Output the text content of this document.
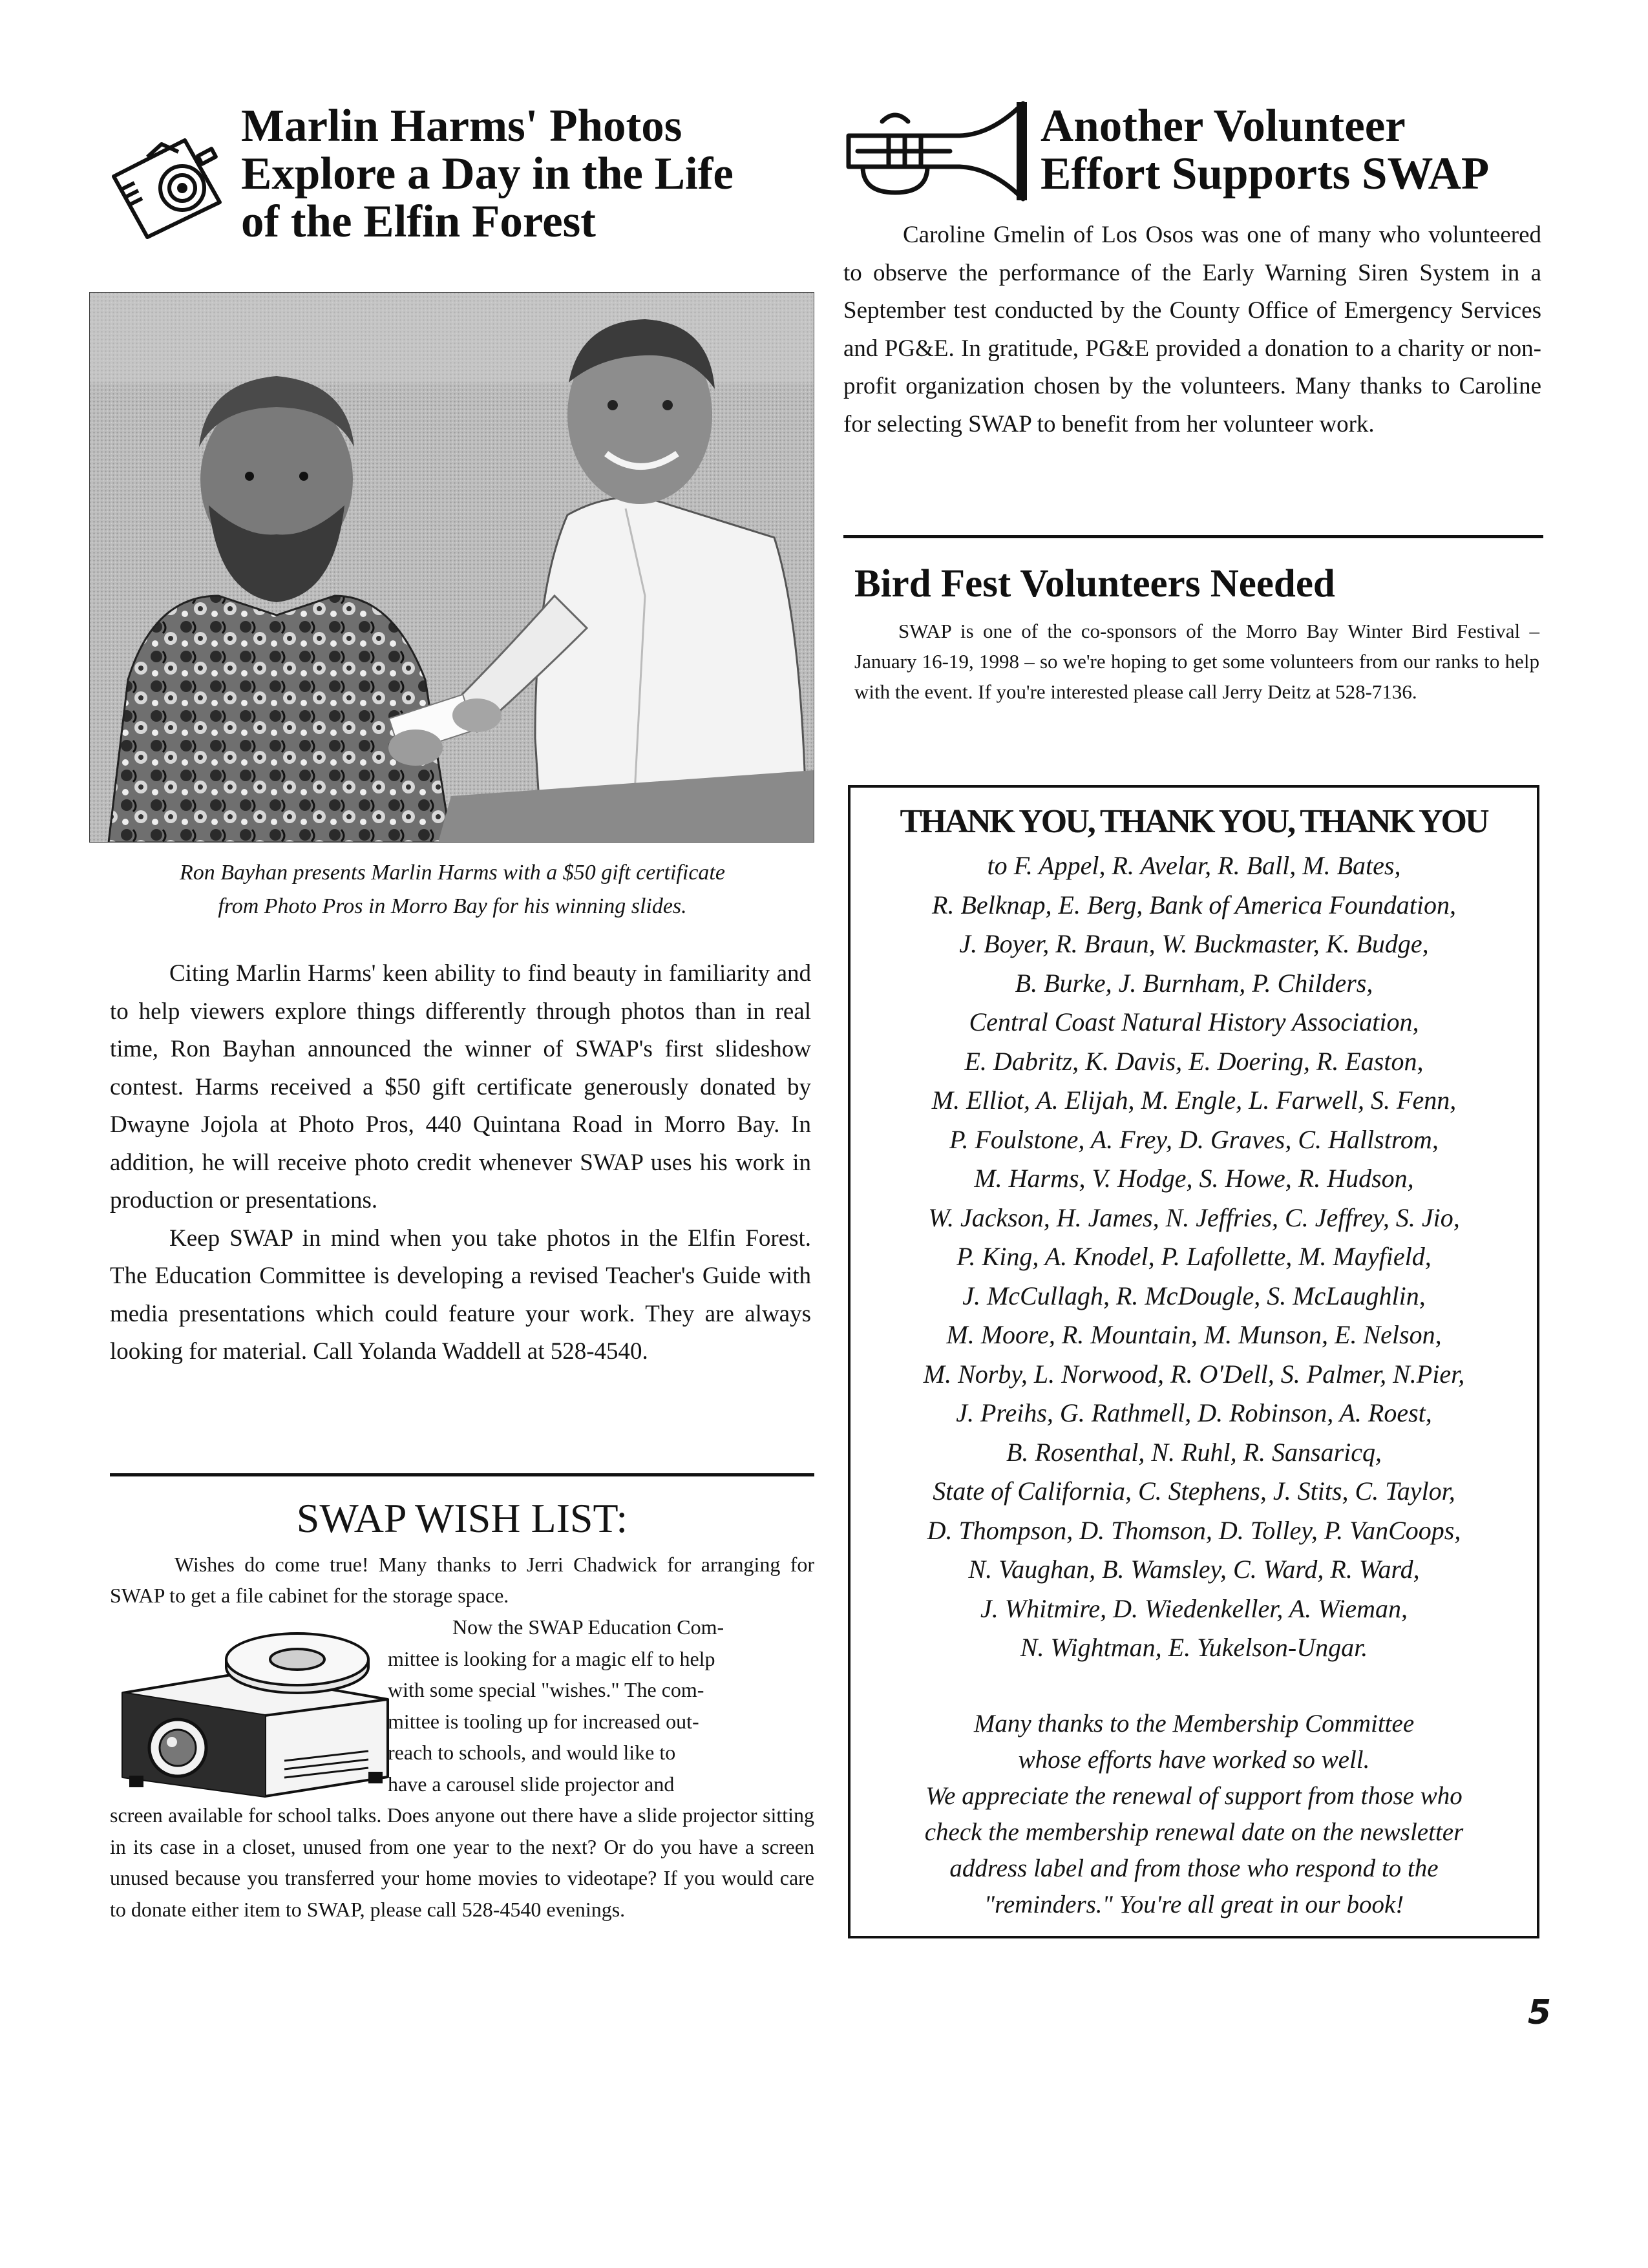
Marlin Harms' Photos
Explore a Day in the Life
of the Elfin Forest
Ron Bayhan presents Marlin Harms with a $50 gift certificate
from Photo Pros in Morro Bay for his winning slides.

Citing Marlin Harms' keen ability to find beauty in familiarity and to help viewers explore things differently through photos than in real time, Ron Bayhan announced the winner of SWAP's first slideshow contest. Harms received a $50 gift certificate generously donated by Dwayne Jojola at Photo Pros, 440 Quintana Road in Morro Bay. In addition, he will receive photo credit whenever SWAP uses his work in production or presentations.

Keep SWAP in mind when you take photos in the Elfin Forest. The Education Committee is developing a revised Teacher's Guide with media presentations which could feature your work. They are always looking for material. Call Yolanda Waddell at 528-4540.

SWAP WISH LIST:
Wishes do come true! Many thanks to Jerri Chadwick for arranging for SWAP to get a file cabinet for the storage space.
Now the SWAP Education Com-
mittee is looking for a magic elf to help
with some special "wishes." The com-
mittee is tooling up for increased out-
reach to schools, and would like to
have a carousel slide projector and
screen available for school talks. Does anyone out there have a slide projector sitting in its case in a closet, unused from one year to the next? Or do you have a screen unused because you transferred your home movies to videotape? If you would care to donate either item to SWAP, please call 528-4540 evenings.
Another Volunteer
Effort Supports SWAP

Caroline Gmelin of Los Osos was one of many who volunteered to observe the performance of the Early Warning Siren System in a September test conducted by the County Office of Emergency Services and PG&E. In gratitude, PG&E provided a donation to a charity or non-profit organization chosen by the volunteers. Many thanks to Caroline for selecting SWAP to benefit from her volunteer work.

Bird Fest Volunteers Needed
SWAP is one of the co-sponsors of the Morro Bay Winter Bird Festival – January 16-19, 1998 – so we're hoping to get some volunteers from our ranks to help with the event. If you're interested please call Jerry Deitz at 528-7136.
THANK YOU, THANK YOU, THANK YOU
to F. Appel, R. Avelar, R. Ball, M. Bates,
R. Belknap, E. Berg, Bank of America Foundation,
J. Boyer, R. Braun, W. Buckmaster, K. Budge,
B. Burke, J. Burnham, P. Childers,
Central Coast Natural History Association,
E. Dabritz, K. Davis, E. Doering, R. Easton,
M. Elliot, A. Elijah, M. Engle, L. Farwell, S. Fenn,
P. Foulstone, A. Frey, D. Graves, C. Hallstrom,
M. Harms, V. Hodge, S. Howe, R. Hudson,
W. Jackson, H. James, N. Jeffries, C. Jeffrey, S. Jio,
P. King, A. Knodel, P. Lafollette, M. Mayfield,
J. McCullagh, R. McDougle, S. McLaughlin,
M. Moore, R. Mountain, M. Munson, E. Nelson,
M. Norby, L. Norwood, R. O'Dell, S. Palmer, N.Pier,
J. Preihs, G. Rathmell, D. Robinson, A. Roest,
B. Rosenthal, N. Ruhl, R. Sansaricq,
State of California, C. Stephens, J. Stits, C. Taylor,
D. Thompson, D. Thomson, D. Tolley, P. VanCoops,
N. Vaughan, B. Wamsley, C. Ward, R. Ward,
J. Whitmire, D. Wiedenkeller, A. Wieman,
N. Wightman, E. Yukelson-Ungar.
Many thanks to the Membership Committee
whose efforts have worked so well.
We appreciate the renewal of support from those who
check the membership renewal date on the newsletter
address label and from those who respond to the
"reminders." You're all great in our book!
5
